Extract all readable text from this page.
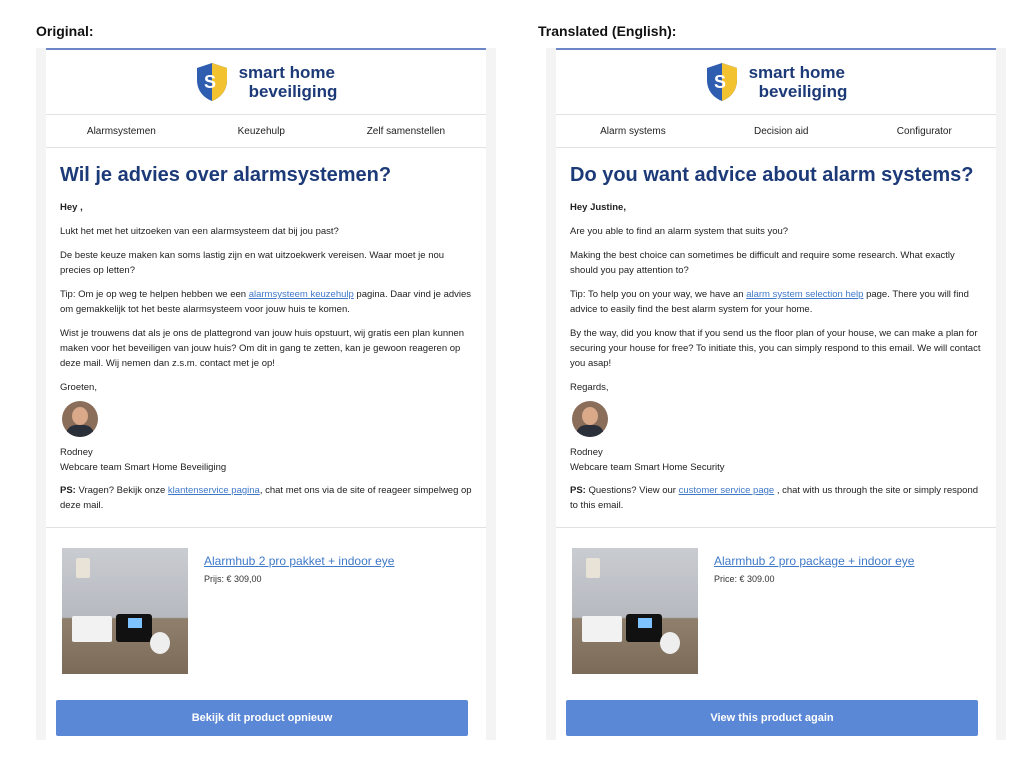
Original:	Translated (English):
S smart home
beveiliging
Alarmsystemen	Keuzehulp	Zelf samenstellen
Wil je advies over alarmsystemen?
Hey ,
Lukt het met het uitzoeken van een alarmsysteem dat bij jou past?
De beste keuze maken kan soms lastig zijn en wat uitzoekwerk vereisen. Waar moet je nou precies op letten?
Tip: Om je op weg te helpen hebben we een alarmsysteem keuzehulp pagina. Daar vind je advies om gemakkelijk tot het beste alarmsysteem voor jouw huis te komen.
Wist je trouwens dat als je ons de plattegrond van jouw huis opstuurt, wij gratis een plan kunnen maken voor het beveiligen van jouw huis? Om dit in gang te zetten, kan je gewoon reageren op deze mail. Wij nemen dan z.s.m. contact met je op!
Groeten,
Rodney
Webcare team Smart Home Beveiliging
PS: Vragen? Bekijk onze klantenservice pagina, chat met ons via de site of reageer simpelweg op deze mail.
Alarmhub 2 pro pakket + indoor eye
Prijs: € 309,00
Bekijk dit product opnieuw
S smart home
beveiliging
Alarm systems	Decision aid	Configurator
Do you want advice about alarm systems?
Hey Justine,
Are you able to find an alarm system that suits you?
Making the best choice can sometimes be difficult and require some research. What exactly should you pay attention to?
Tip: To help you on your way, we have an alarm system selection help page. There you will find advice to easily find the best alarm system for your home.
By the way, did you know that if you send us the floor plan of your house, we can make a plan for securing your house for free? To initiate this, you can simply respond to this email. We will contact you asap!
Regards,
Rodney
Webcare team Smart Home Security
PS: Questions? View our customer service page , chat with us through the site or simply respond to this email.
Alarmhub 2 pro package + indoor eye
Price: € 309.00
View this product again
